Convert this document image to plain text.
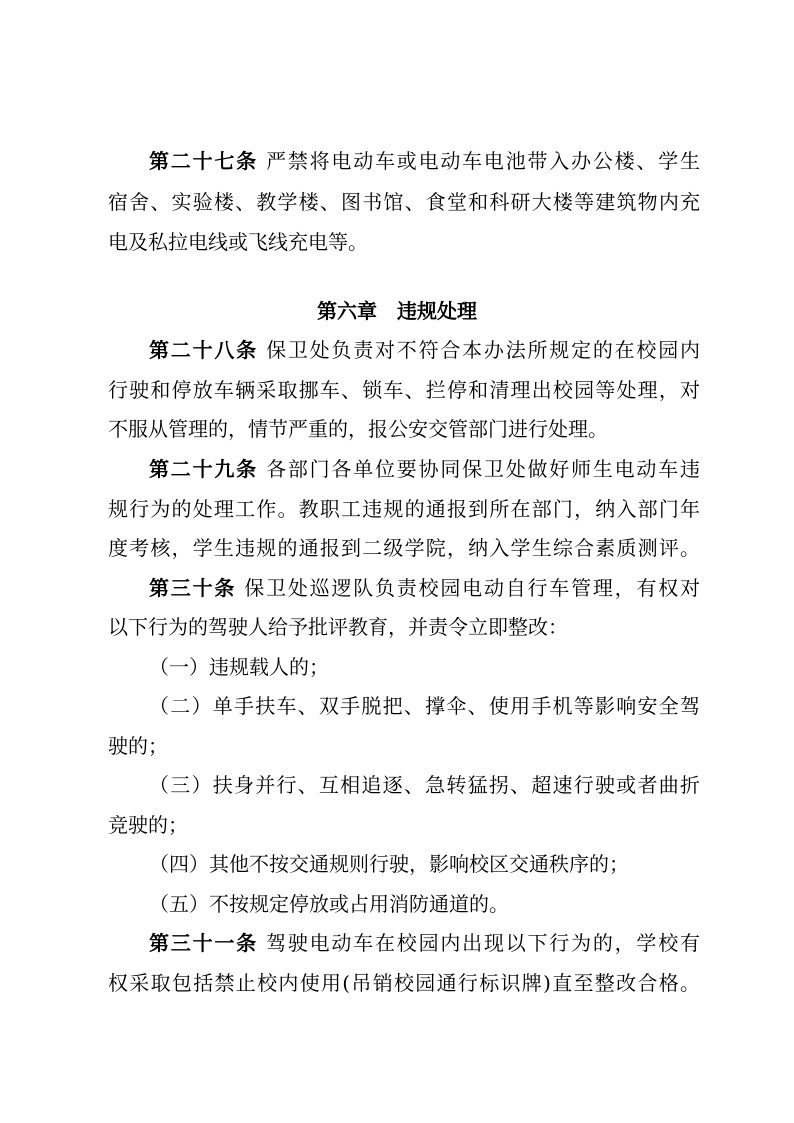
第二十七条 严禁将电动车或电动车电池带入办公楼、学生
宿舍、实验楼、教学楼、图书馆、食堂和科研大楼等建筑物内充
电及私拉电线或飞线充电等。
第六章　违规处理
第二十八条 保卫处负责对不符合本办法所规定的在校园内
行驶和停放车辆采取挪车、锁车、拦停和清理出校园等处理，对
不服从管理的，情节严重的，报公安交管部门进行处理。
第二十九条 各部门各单位要协同保卫处做好师生电动车违
规行为的处理工作。教职工违规的通报到所在部门，纳入部门年
度考核，学生违规的通报到二级学院，纳入学生综合素质测评。
第三十条 保卫处巡逻队负责校园电动自行车管理，有权对
以下行为的驾驶人给予批评教育，并责令立即整改：
（一）违规载人的；
（二）单手扶车、双手脱把、撑伞、使用手机等影响安全驾
驶的；
（三）扶身并行、互相追逐、急转猛拐、超速行驶或者曲折
竞驶的；
（四）其他不按交通规则行驶，影响校区交通秩序的；
（五）不按规定停放或占用消防通道的。
第三十一条 驾驶电动车在校园内出现以下行为的，学校有
权采取包括禁止校内使用(吊销校园通行标识牌)直至整改合格。
